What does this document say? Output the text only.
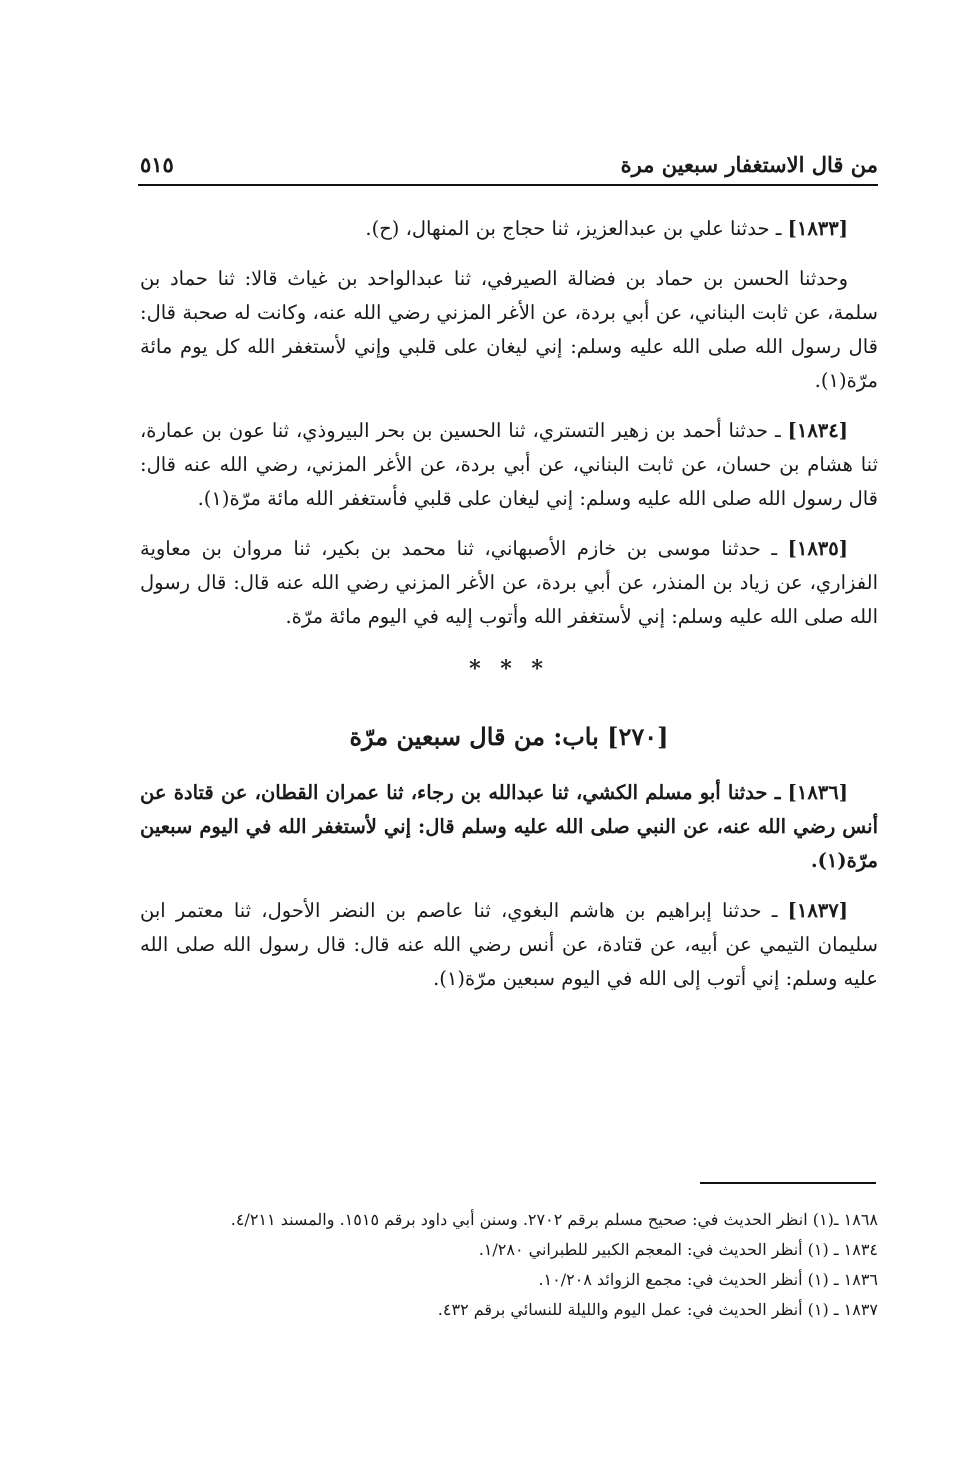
من قال الاستغفار سبعين مرة
٥١٥

[١٨٣٣] ـ حدثنا علي بن عبدالعزيز، ثنا حجاج بن المنهال، (ح).

وحدثنا الحسن بن حماد بن فضالة الصيرفي، ثنا عبدالواحد بن غياث قالا: ثنا حماد بن سلمة، عن ثابت البناني، عن أبي بردة، عن الأغر المزني رضي الله عنه، وكانت له صحبة قال: قال رسول الله صلى الله عليه وسلم: إني ليغان على قلبي وإني لأستغفر الله كل يوم مائة مرّة(١).

[١٨٣٤] ـ حدثنا أحمد بن زهير التستري، ثنا الحسين بن بحر البيروذي، ثنا عون بن عمارة، ثنا هشام بن حسان، عن ثابت البناني، عن أبي بردة، عن الأغر المزني، رضي الله عنه قال: قال رسول الله صلى الله عليه وسلم: إني ليغان على قلبي فأستغفر الله مائة مرّة(١).

[١٨٣٥] ـ حدثنا موسى بن خازم الأصبهاني، ثنا محمد بن بكير، ثنا مروان بن معاوية الفزاري، عن زياد بن المنذر، عن أبي بردة، عن الأغر المزني رضي الله عنه قال: قال رسول الله صلى الله عليه وسلم: إني لأستغفر الله وأتوب إليه في اليوم مائة مرّة.

* * *
[٢٧٠] باب: من قال سبعين مرّة

[١٨٣٦] ـ حدثنا أبو مسلم الكشي، ثنا عبدالله بن رجاء، ثنا عمران القطان، عن قتادة عن أنس رضي الله عنه، عن النبي صلى الله عليه وسلم قال: إني لأستغفر الله في اليوم سبعين مرّة(١).

[١٨٣٧] ـ حدثنا إبراهيم بن هاشم البغوي، ثنا عاصم بن النضر الأحول، ثنا معتمر ابن سليمان التيمي عن أبيه، عن قتادة، عن أنس رضي الله عنه قال: قال رسول الله صلى الله عليه وسلم: إني أتوب إلى الله في اليوم سبعين مرّة(١).

١٨٦٨ ـ(١) انظر الحديث في: صحيح مسلم برقم ٢٧٠٢. وسنن أبي داود برقم ١٥١٥. والمسند ٤/٢١١.

١٨٣٤ ـ (١) أنظر الحديث في: المعجم الكبير للطبراني ١/٢٨٠.

١٨٣٦ ـ (١) أنظر الحديث في: مجمع الزوائد ١٠/٢٠٨.

١٨٣٧ ـ (١) أنظر الحديث في: عمل اليوم والليلة للنسائي برقم ٤٣٢.
